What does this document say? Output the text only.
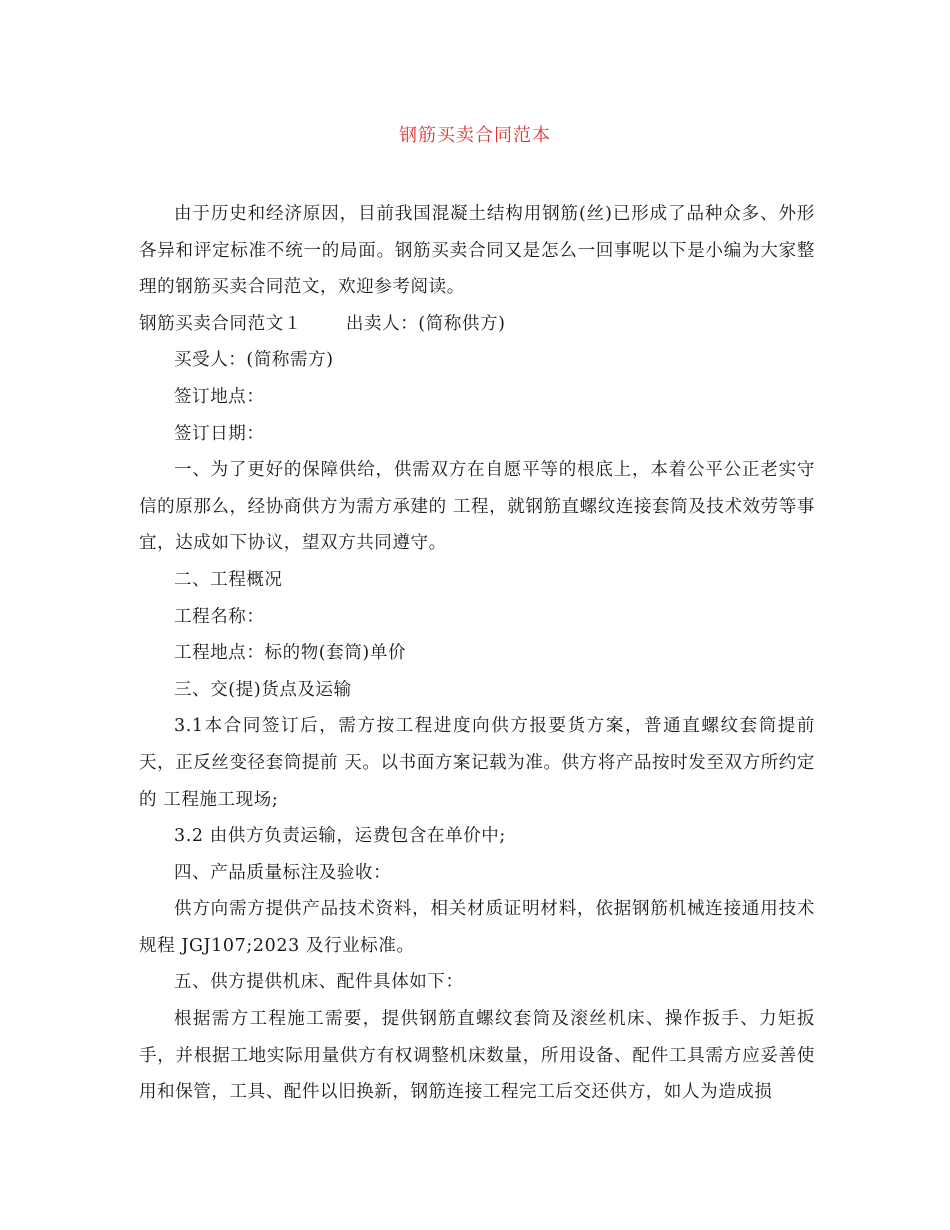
钢筋买卖合同范本

由于历史和经济原因，目前我国混凝土结构用钢筋(丝)已形成了品种众多、外形各异和评定标准不统一的局面。钢筋买卖合同又是怎么一回事呢以下是小编为大家整理的钢筋买卖合同范文，欢迎参考阅读。

钢筋买卖合同范文１	出卖人：(简称供方)

买受人：(简称需方)

签订地点：

签订日期：

一、为了更好的保障供给，供需双方在自愿平等的根底上，本着公平公正老实守信的原那么，经协商供方为需方承建的 工程，就钢筋直螺纹连接套筒及技术效劳等事宜，达成如下协议，望双方共同遵守。

二、工程概况

工程名称：

工程地点：标的物(套筒)单价

三、交(提)货点及运输

3.1本合同签订后，需方按工程进度向供方报要货方案，普通直螺纹套筒提前 天，正反丝变径套筒提前 天。以书面方案记载为准。供方将产品按时发至双方所约定的 工程施工现场;

3.2 由供方负责运输，运费包含在单价中;

四、产品质量标注及验收：

供方向需方提供产品技术资料，相关材质证明材料，依据钢筋机械连接通用技术规程 JGJ107;2023 及行业标准。

五、供方提供机床、配件具体如下：

根据需方工程施工需要，提供钢筋直螺纹套筒及滚丝机床、操作扳手、力矩扳手，并根据工地实际用量供方有权调整机床数量，所用设备、配件工具需方应妥善使用和保管，工具、配件以旧换新，钢筋连接工程完工后交还供方，如人为造成损
